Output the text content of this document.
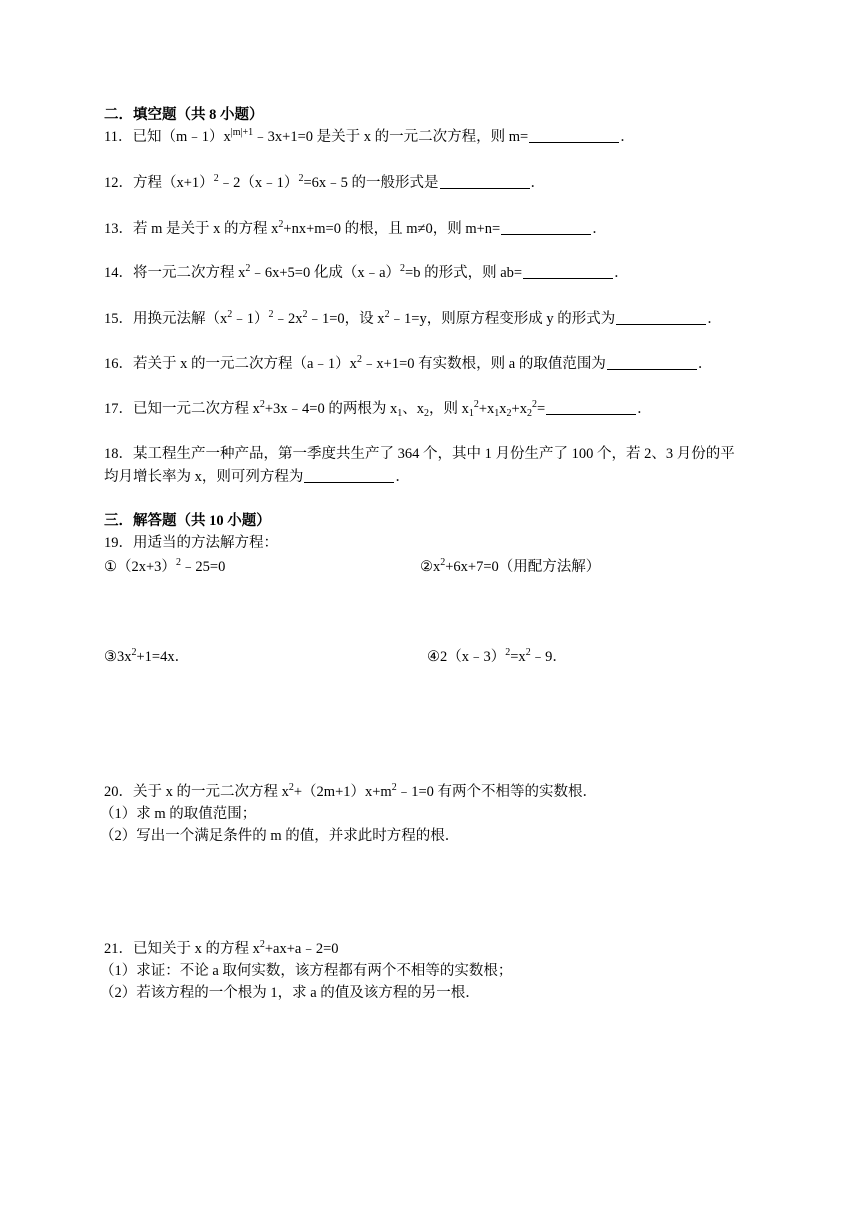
二．填空题（共 8 小题）
11．已知$(m﹣1)x^{|m|+1}﹣3x+1=0$ 是关于 x 的一元二次方程，则 m=	．
12．方程$(x+1)^2﹣2(x﹣1)^2=6x﹣5$ 的一般形式是	．
13．若 m 是关于 x 的方程 $x^2+nx+m=0$ 的根，且 m≠0，则 m+n=	．
14．将一元二次方程 $x^2﹣6x+5=0$ 化成（x﹣a）$^2$=b 的形式，则 ab=	．
15．用换元法解$(x^2﹣1)^2﹣2x^2﹣1=0$，设 $x^2﹣1=y$，则原方程变形成 y 的形式为	．
16．若关于 x 的一元二次方程$(a﹣1)x^2﹣x+1=0$ 有实数根，则 a 的取值范围为	．
17．已知一元二次方程 $x^2+3x﹣4=0$ 的两根为 $x_1$、$x_2$，则 $x_1^2+x_1x_2+x_2^2=$	．
18．某工程生产一种产品，第一季度共生产了 364 个，其中 1 月份生产了 100 个，若 2、3 月份的平
均月增长率为 x，则可列方程为	．
三．解答题（共 10 小题）
19．用适当的方法解方程：
$①(2x+3)^2﹣25=0$	$②x^2+6x+7=0$（用配方法解）
$③3x^2+1=4x$．	$④2(x﹣3)^2=x^2﹣9$．
20．关于 x 的一元二次方程 $x^2+(2m+1)x+m^2﹣1=0$ 有两个不相等的实数根．
（1）求 m 的取值范围；
（2）写出一个满足条件的 m 的值，并求此时方程的根．
21．已知关于 x 的方程 $x^2+ax+a﹣2=0$
（1）求证：不论 a 取何实数，该方程都有两个不相等的实数根；
（2）若该方程的一个根为 1，求 a 的值及该方程的另一根．
